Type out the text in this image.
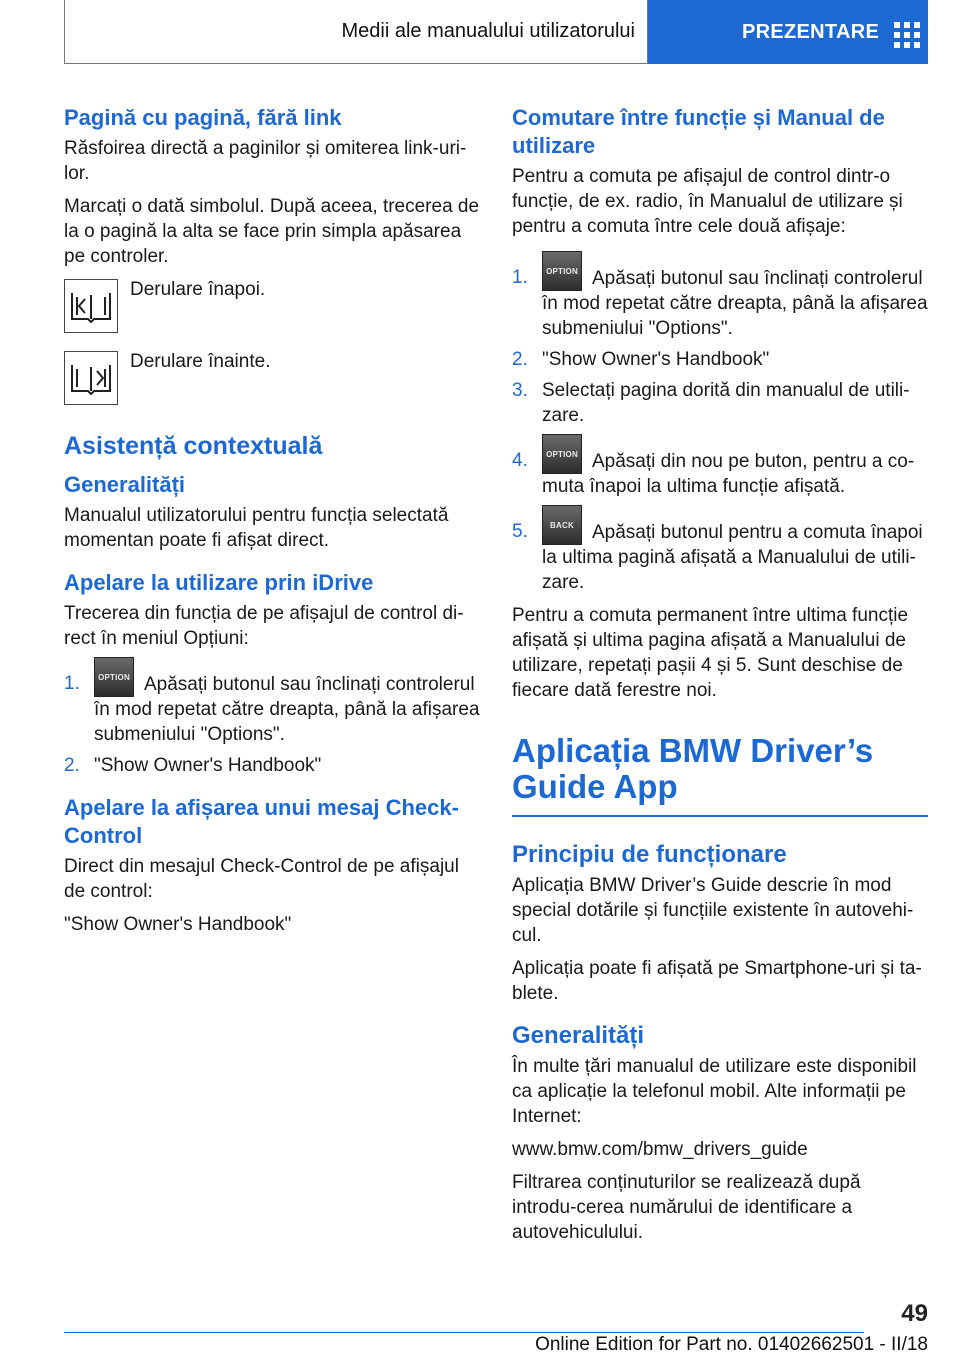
Medii ale manualului utilizatorului	PREZENTARE
Pagină cu pagină, fără link

Răsfoirea directă a paginilor și omiterea link-uri-lor.

Marcați o dată simbolul. După aceea, trecerea de la o pagină la alta se face prin simpla apăsarea pe controler.

Derulare înapoi.
Derulare înainte.
Asistență contextuală
Generalități

Manualul utilizatorului pentru funcția selectată momentan poate fi afișat direct.

Apelare la utilizare prin iDrive

Trecerea din funcția de pe afișajul de control di-rect în meniul Opțiuni:

1. OPTION Apăsați butonul sau înclinați controlerul în mod repetat către dreapta, până la afișarea submeniului "Options".
2. "Show Owner's Handbook"
Apelare la afișarea unui mesaj Check-Control

Direct din mesajul Check-Control de pe afișajul de control:

"Show Owner's Handbook"

Comutare între funcție și Manual de utilizare

Pentru a comuta pe afișajul de control dintr-o funcție, de ex. radio, în Manualul de utilizare și pentru a comuta între cele două afișaje:

1. OPTION Apăsați butonul sau înclinați controlerul în mod repetat către dreapta, până la afișarea submeniului "Options".
2. "Show Owner's Handbook"
3. Selectați pagina dorită din manualul de utili-zare.
4. OPTION Apăsați din nou pe buton, pentru a co-muta înapoi la ultima funcție afișată.
5.	BACK Apăsați butonul pentru a comuta înapoi la ultima pagină afișată a Manualului de utili-zare.

Pentru a comuta permanent între ultima funcție afișată și ultima pagina afișată a Manualului de utilizare, repetați pașii 4 și 5. Sunt deschise de fiecare dată ferestre noi.

Aplicația BMW Driver’s Guide App
Principiu de funcționare

Aplicația BMW Driver’s Guide descrie în mod special dotările și funcțiile existente în autovehi-cul.

Aplicația poate fi afișată pe Smartphone-uri și ta-blete.

Generalități

În multe țări manualul de utilizare este disponibil ca aplicație la telefonul mobil. Alte informații pe Internet:

www.bmw.com/bmw_drivers_guide

Filtrarea conținuturilor se realizează după introdu-cerea numărului de identificare a autovehiculului.

49
Online Edition for Part no. 01402662501 - II/18
